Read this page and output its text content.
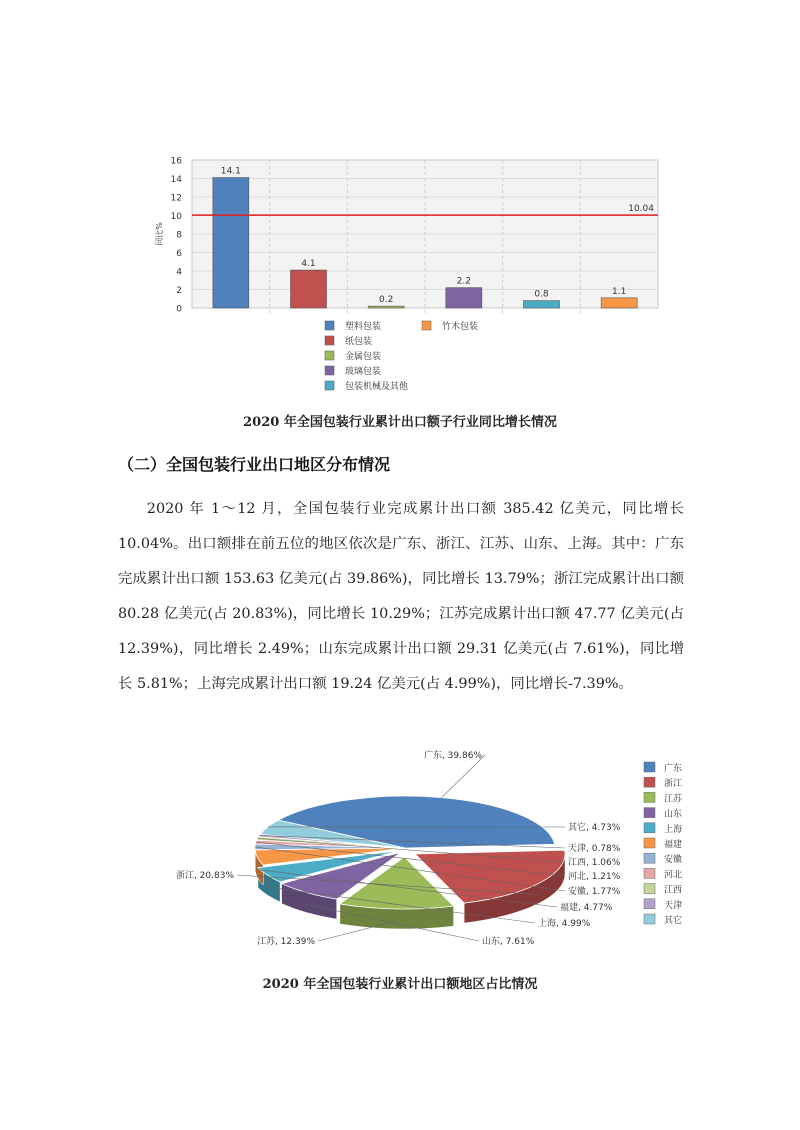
0
2
4
6
8
10
12
14
16
同比%
14.1
4.1
0.2
2.2
0.8	1.1
10.04
塑料包装
纸包装
金属包装
玻璃包装
包装机械及其他
竹木包装
2020 年全国包装行业累计出口额子行业同比增长情况
（二）全国包装行业出口地区分布情况

2020 年 1～12 月，全国包装行业完成累计出口额 385.42 亿美元，同比增长 10.04%。出口额排在前五位的地区依次是广东、浙江、江苏、山东、上海。其中：广东完成累计出口额 153.63 亿美元(占 39.86%)，同比增长 13.79%；浙江完成累计出口额 80.28 亿美元(占 20.83%)，同比增长 10.29%；江苏完成累计出口额 47.77 亿美元(占 12.39%)，同比增长 2.49%；山东完成累计出口额 29.31 亿美元(占 7.61%)，同比增长 5.81%；上海完成累计出口额 19.24 亿美元(占 4.99%)，同比增长-7.39%。

广东, 39.86%
浙江, 20.83%
江苏, 12.39%	山东, 7.61%
上海, 4.99%
福建, 4.77%
安徽, 1.77%
河北, 1.21%
江西, 1.06%
天津, 0.78%
其它, 4.73%
广东
浙江
江苏
山东
上海
福建
安徽
河北
江西
天津
其它
2020 年全国包装行业累计出口额地区占比情况
